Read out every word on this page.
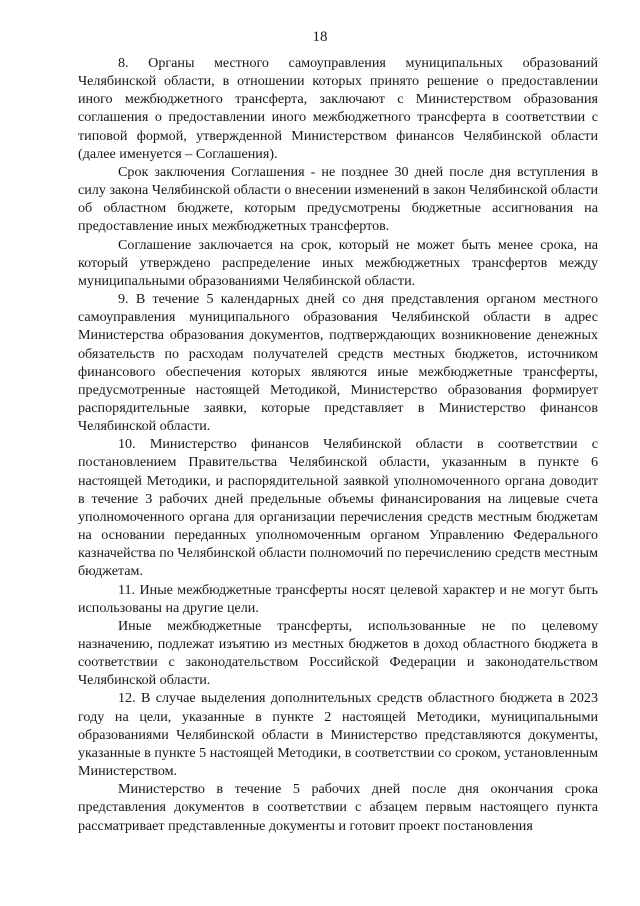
18

8. Органы местного самоуправления муниципальных образований Челябинской области, в отношении которых принято решение о предоставлении иного межбюджетного трансферта, заключают с Министерством образования соглашения о предоставлении иного межбюджетного трансферта в соответствии с типовой формой, утвержденной Министерством финансов Челябинской области (далее именуется – Соглашения).

Срок заключения Соглашения - не позднее 30 дней после дня вступления в силу закона Челябинской области о внесении изменений в закон Челябинской области об областном бюджете, которым предусмотрены бюджетные ассигнования на предоставление иных межбюджетных трансфертов.

Соглашение заключается на срок, который не может быть менее срока, на который утверждено распределение иных межбюджетных трансфертов между муниципальными образованиями Челябинской области.

9. В течение 5 календарных дней со дня представления органом местного самоуправления муниципального образования Челябинской области в адрес Министерства образования документов, подтверждающих возникновение денежных обязательств по расходам получателей средств местных бюджетов, источником финансового обеспечения которых являются иные межбюджетные трансферты, предусмотренные настоящей Методикой, Министерство образования формирует распорядительные заявки, которые представляет в Министерство финансов Челябинской области.

10. Министерство финансов Челябинской области в соответствии с постановлением Правительства Челябинской области, указанным в пункте 6 настоящей Методики, и распорядительной заявкой уполномоченного органа доводит в течение 3 рабочих дней предельные объемы финансирования на лицевые счета уполномоченного органа для организации перечисления средств местным бюджетам на основании переданных уполномоченным органом Управлению Федерального казначейства по Челябинской области полномочий по перечислению средств местным бюджетам.

11. Иные межбюджетные трансферты носят целевой характер и не могут быть использованы на другие цели.

Иные межбюджетные трансферты, использованные не по целевому назначению, подлежат изъятию из местных бюджетов в доход областного бюджета в соответствии с законодательством Российской Федерации и законодательством Челябинской области.

12. В случае выделения дополнительных средств областного бюджета в 2023 году на цели, указанные в пункте 2 настоящей Методики, муниципальными образованиями Челябинской области в Министерство представляются документы, указанные в пункте 5 настоящей Методики, в соответствии со сроком, установленным Министерством.

Министерство в течение 5 рабочих дней после дня окончания срока представления документов в соответствии с абзацем первым настоящего пункта рассматривает представленные документы и готовит проект постановления
